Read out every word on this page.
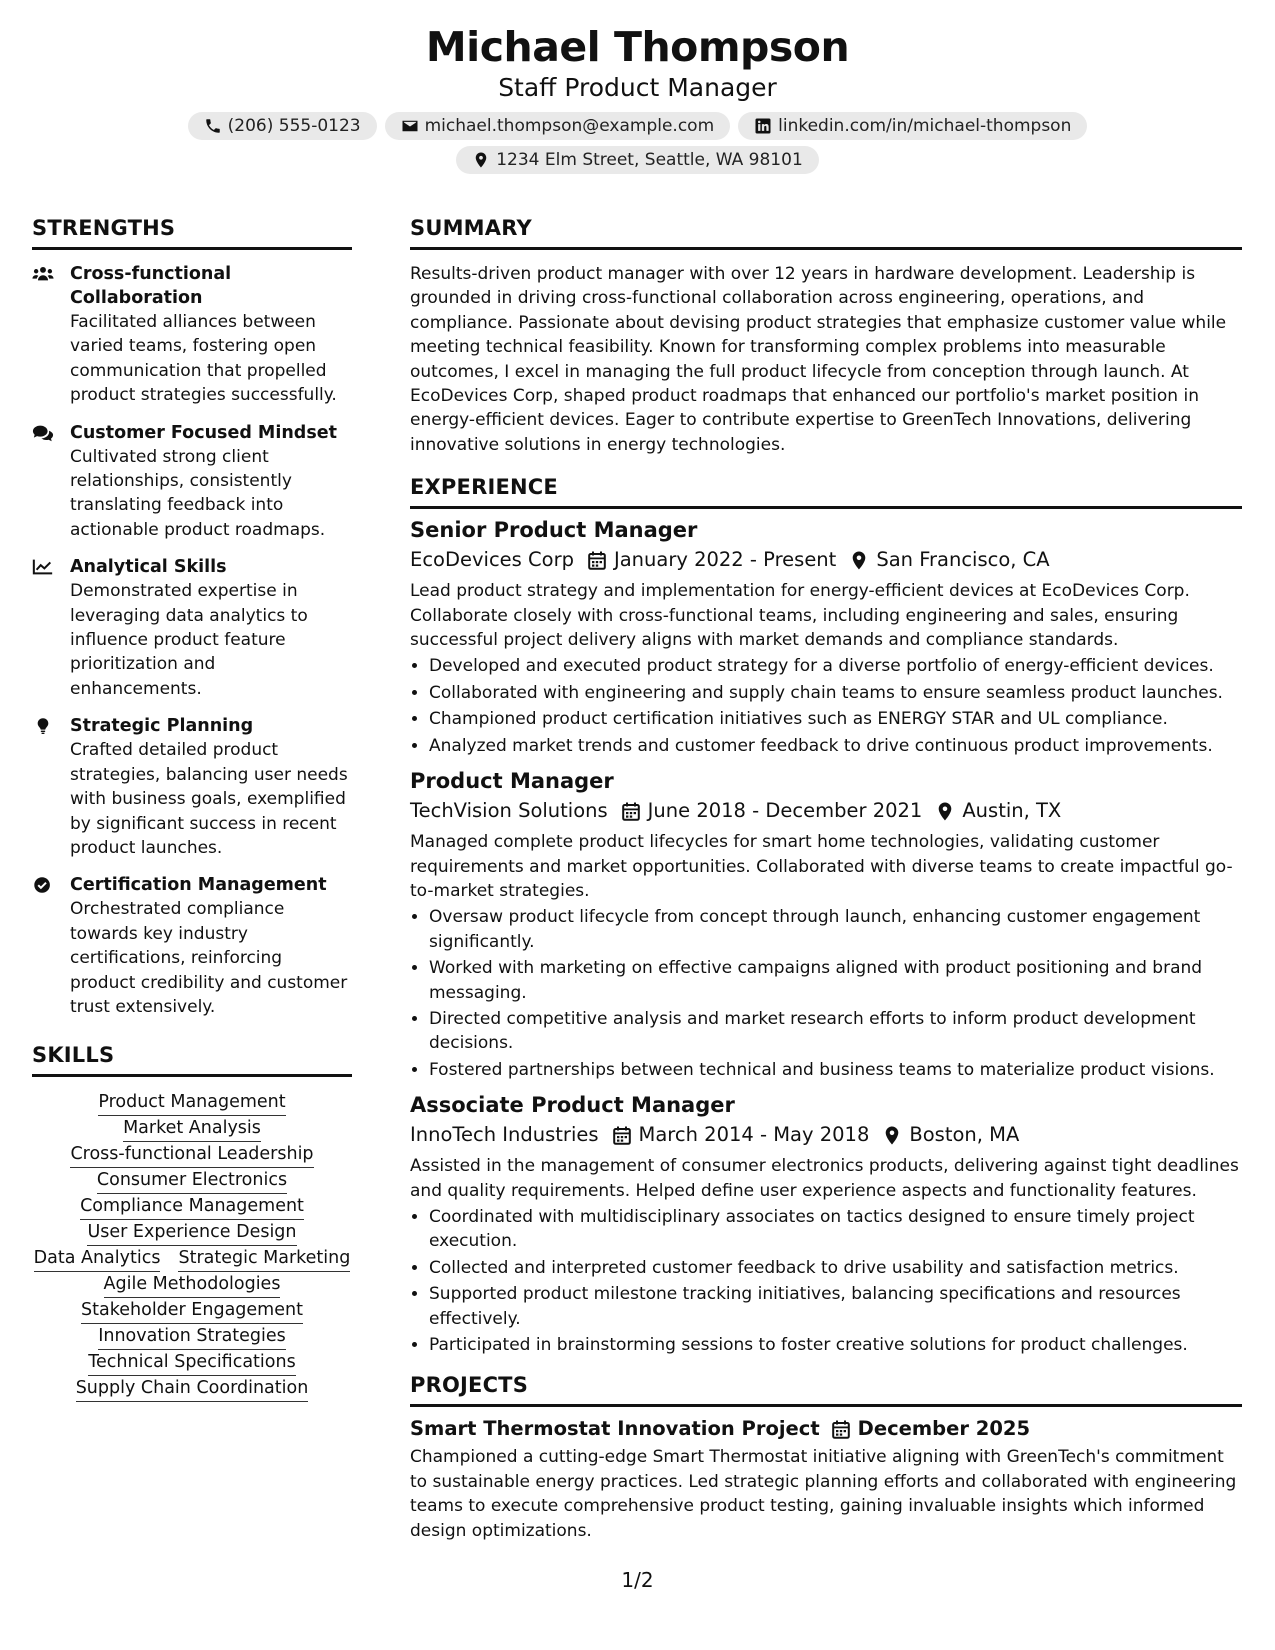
Michael Thompson
Staff Product Manager
(206) 555-0123	michael.thompson@example.com	linkedin.com/in/michael-thompson
1234 Elm Street, Seattle, WA 98101
STRENGTHS
Cross-functional Collaboration
Facilitated alliances between varied teams, fostering open communication that propelled product strategies successfully.
Customer Focused Mindset
Cultivated strong client relationships, consistently translating feedback into actionable product roadmaps.
Analytical Skills
Demonstrated expertise in leveraging data analytics to influence product feature prioritization and enhancements.
Strategic Planning
Crafted detailed product strategies, balancing user needs with business goals, exemplified by significant success in recent product launches.
Certification Management
Orchestrated compliance towards key industry certifications, reinforcing product credibility and customer trust extensively.
SKILLS
Product Management
Market Analysis
Cross-functional Leadership
Consumer Electronics
Compliance Management
User Experience Design
Data Analytics Strategic Marketing
Agile Methodologies
Stakeholder Engagement
Innovation Strategies
Technical Specifications
Supply Chain Coordination
SUMMARY

Results-driven product manager with over 12 years in hardware development. Leadership is grounded in driving cross-functional collaboration across engineering, operations, and compliance. Passionate about devising product strategies that emphasize customer value while meeting technical feasibility. Known for transforming complex problems into measurable outcomes, I excel in managing the full product lifecycle from conception through launch. At EcoDevices Corp, shaped product roadmaps that enhanced our portfolio's market position in energy-efficient devices. Eager to contribute expertise to GreenTech Innovations, delivering innovative solutions in energy technologies.

EXPERIENCE
Senior Product Manager
EcoDevices Corp January 2022 - Present San Francisco, CA

Lead product strategy and implementation for energy-efficient devices at EcoDevices Corp. Collaborate closely with cross-functional teams, including engineering and sales, ensuring successful project delivery aligns with market demands and compliance standards.

• Developed and executed product strategy for a diverse portfolio of energy-efficient devices.
• Collaborated with engineering and supply chain teams to ensure seamless product launches.
• Championed product certification initiatives such as ENERGY STAR and UL compliance.
• Analyzed market trends and customer feedback to drive continuous product improvements.
Product Manager
TechVision Solutions June 2018 - December 2021 Austin, TX

Managed complete product lifecycles for smart home technologies, validating customer requirements and market opportunities. Collaborated with diverse teams to create impactful go-to-market strategies.

• Oversaw product lifecycle from concept through launch, enhancing customer engagement significantly.
• Worked with marketing on effective campaigns aligned with product positioning and brand messaging.
• Directed competitive analysis and market research efforts to inform product development decisions.
• Fostered partnerships between technical and business teams to materialize product visions.
Associate Product Manager
InnoTech Industries March 2014 - May 2018 Boston, MA

Assisted in the management of consumer electronics products, delivering against tight deadlines and quality requirements. Helped define user experience aspects and functionality features.

• Coordinated with multidisciplinary associates on tactics designed to ensure timely project execution.
• Collected and interpreted customer feedback to drive usability and satisfaction metrics.
• Supported product milestone tracking initiatives, balancing specifications and resources effectively.
• Participated in brainstorming sessions to foster creative solutions for product challenges.
PROJECTS
Smart Thermostat Innovation Project December 2025

Championed a cutting-edge Smart Thermostat initiative aligning with GreenTech's commitment to sustainable energy practices. Led strategic planning efforts and collaborated with engineering teams to execute comprehensive product testing, gaining invaluable insights which informed design optimizations.

1/2
